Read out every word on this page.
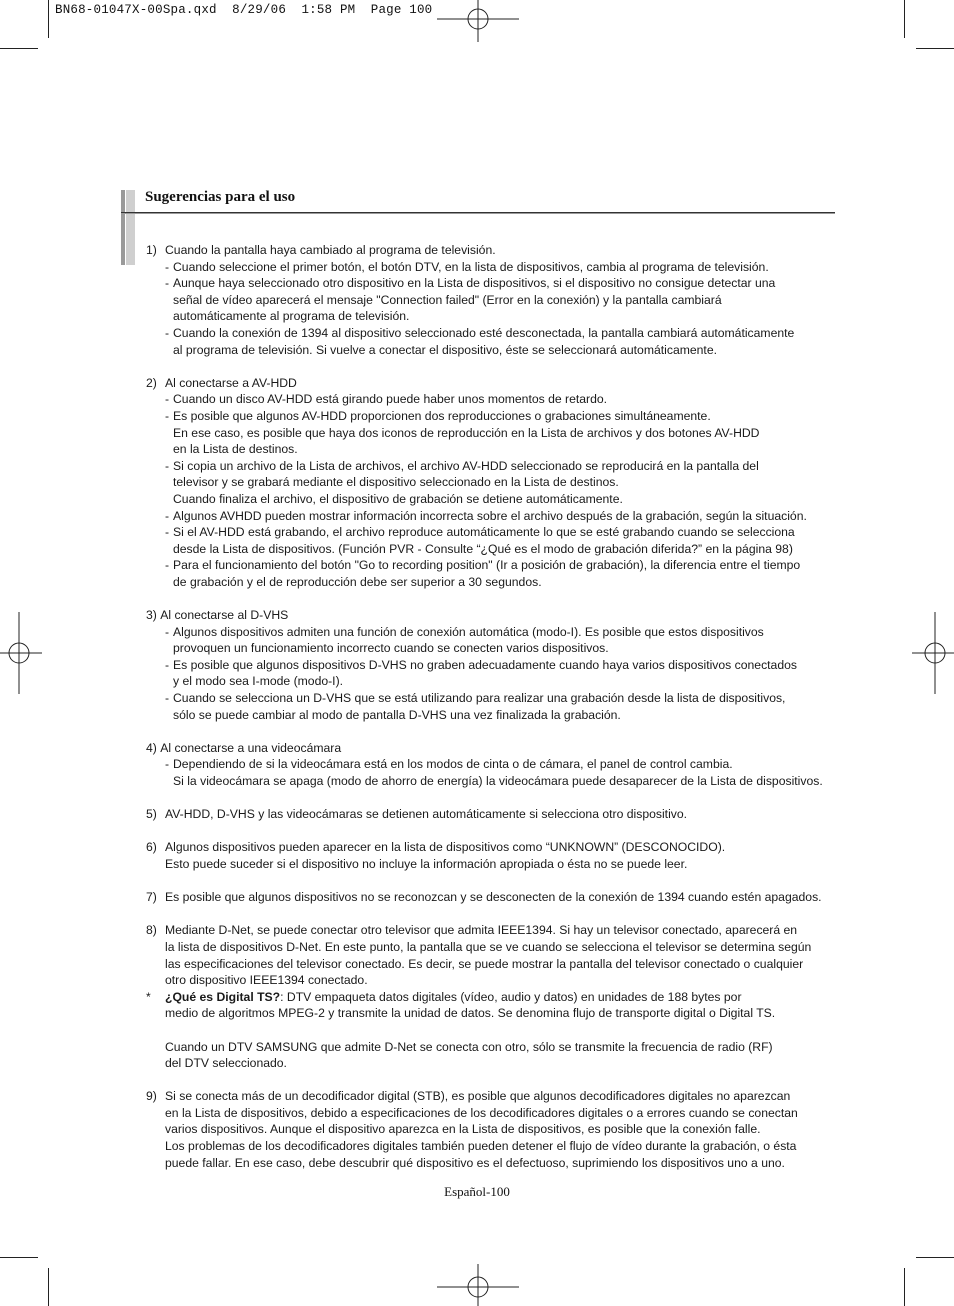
BN68-01047X-00Spa.qxd  8/29/06  1:58 PM  Page 100
Sugerencias para el uso
1) Cuando la pantalla haya cambiado al programa de televisión.
- Cuando seleccione el primer botón, el botón DTV, en la lista de dispositivos, cambia al programa de televisión.
- Aunque haya seleccionado otro dispositivo en la Lista de dispositivos, si el dispositivo no consigue detectar una
señal de vídeo aparecerá el mensaje "Connection failed" (Error en la conexión) y la pantalla cambiará
automáticamente al programa de televisión.
- Cuando la conexión de 1394 al dispositivo seleccionado esté desconectada, la pantalla cambiará automáticamente
al programa de televisión. Si vuelve a conectar el dispositivo, éste se seleccionará automáticamente.
2) Al conectarse a AV-HDD
- Cuando un disco AV-HDD está girando puede haber unos momentos de retardo.
- Es posible que algunos AV-HDD proporcionen dos reproducciones o grabaciones simultáneamente.
En ese caso, es posible que haya dos iconos de reproducción en la Lista de archivos y dos botones AV-HDD
en la Lista de destinos.
- Si copia un archivo de la Lista de archivos, el archivo AV-HDD seleccionado se reproducirá en la pantalla del
televisor y se grabará mediante el dispositivo seleccionado en la Lista de destinos.
Cuando finaliza el archivo, el dispositivo de grabación se detiene automáticamente.
- Algunos AVHDD pueden mostrar información incorrecta sobre el archivo después de la grabación, según la situación.
- Si el AV-HDD está grabando, el archivo reproduce automáticamente lo que se esté grabando cuando se selecciona
desde la Lista de dispositivos. (Función PVR - Consulte “¿Qué es el modo de grabación diferida?” en la página 98)
- Para el funcionamiento del botón "Go to recording position" (Ir a posición de grabación), la diferencia entre el tiempo
de grabación y el de reproducción debe ser superior a 30 segundos.
3)
Al conectarse al D-VHS
- Algunos dispositivos admiten una función de conexión automática (modo-I). Es posible que estos dispositivos
provoquen un funcionamiento incorrecto cuando se conecten varios dispositivos.
- Es posible que algunos dispositivos D-VHS no graben adecuadamente cuando haya varios dispositivos conectados
y el modo sea I-mode (modo-I).
- Cuando se selecciona un D-VHS que se está utilizando para realizar una grabación desde la lista de dispositivos,
sólo se puede cambiar al modo de pantalla D-VHS una vez finalizada la grabación.
4)
Al conectarse a una videocámara
- Dependiendo de si la videocámara está en los modos de cinta o de cámara, el panel de control cambia.
Si la videocámara se apaga (modo de ahorro de energía) la videocámara puede desaparecer de la Lista de dispositivos.
5) AV-HDD, D-VHS y las videocámaras se detienen automáticamente si selecciona otro dispositivo.
6) Algunos dispositivos pueden aparecer en la lista de dispositivos como “UNKNOWN” (DESCONOCIDO).
Esto puede suceder si el dispositivo no incluye la información apropiada o ésta no se puede leer.
7) Es posible que algunos dispositivos no se reconozcan y se desconecten de la conexión de 1394 cuando estén apagados.
8) Mediante D-Net, se puede conectar otro televisor que admita IEEE1394. Si hay un televisor conectado, aparecerá en
la lista de dispositivos D-Net. En este punto, la pantalla que se ve cuando se selecciona el televisor se determina según
las especificaciones del televisor conectado. Es decir, se puede mostrar la pantalla del televisor conectado o cualquier
otro dispositivo IEEE1394 conectado.
*	¿Qué es Digital TS? : DTV empaqueta datos digitales (vídeo, audio y datos) en unidades de 188 bytes por
medio de algoritmos MPEG-2 y transmite la unidad de datos. Se denomina flujo de transporte digital o Digital TS.
Cuando un DTV SAMSUNG que admite D-Net se conecta con otro, sólo se transmite la frecuencia de radio (RF)
del DTV seleccionado.
9) Si se conecta más de un decodificador digital (STB), es posible que algunos decodificadores digitales no aparezcan
en la Lista de dispositivos, debido a especificaciones de los decodificadores digitales o a errores cuando se conectan
varios dispositivos. Aunque el dispositivo aparezca en la Lista de dispositivos, es posible que la conexión falle.
Los problemas de los decodificadores digitales también pueden detener el flujo de vídeo durante la grabación, o ésta
puede fallar. En ese caso, debe descubrir qué dispositivo es el defectuoso, suprimiendo los dispositivos uno a uno.
Español-100
